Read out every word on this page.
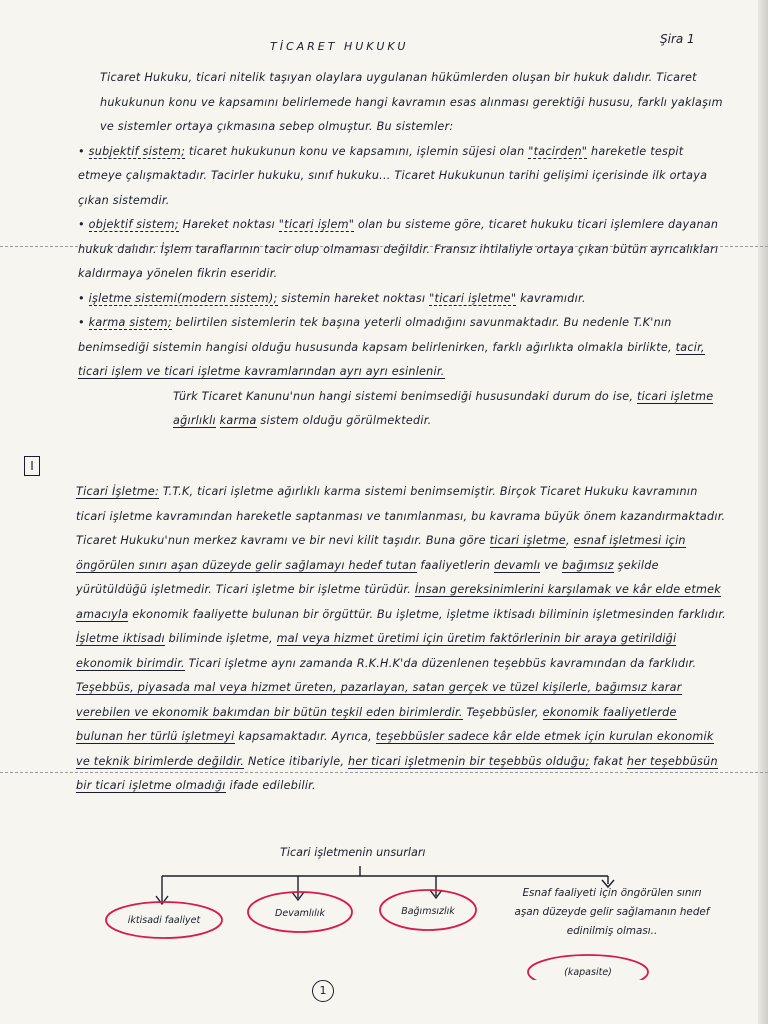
TİCARET HUKUKU
Şira 1

Ticaret Hukuku, ticari nitelik taşıyan olaylara uygulanan hükümlerden oluşan bir hukuk dalıdır. Ticaret hukukunun konu ve kapsamını belirlemede hangi kavramın esas alınması gerektiği hususu, farklı yaklaşım ve sistemler ortaya çıkmasına sebep olmuştur. Bu sistemler:

• subjektif sistem; ticaret hukukunun konu ve kapsamını, işlemin süjesi olan "tacirden" hareketle tespit etmeye çalışmaktadır. Tacirler hukuku, sınıf hukuku... Ticaret Hukukunun tarihi gelişimi içerisinde ilk ortaya çıkan sistemdir.

• objektif sistem; Hareket noktası "ticari işlem" olan bu sisteme göre, ticaret hukuku ticari işlemlere dayanan hukuk dalıdır. İşlem taraflarının tacir olup olmaması değildir. Fransız ihtilaliyle ortaya çıkan bütün ayrıcalıkları kaldırmaya yönelen fikrin eseridir.

• işletme sistemi(modern sistem); sistemin hareket noktası "ticari işletme" kavramıdır.

• karma sistem; belirtilen sistemlerin tek başına yeterli olmadığını savunmaktadır. Bu nedenle T.K'nın benimsediği sistemin hangisi olduğu hususunda kapsam belirlenirken, farklı ağırlıkta olmakla birlikte, tacir, ticari işlem ve ticari işletme kavramlarından ayrı ayrı esinlenir.

Türk Ticaret Kanunu'nun hangi sistemi benimsediği hususundaki durum do ise, ticari işletme ağırlıklı karma sistem olduğu görülmektedir.

I

Ticari İşletme: T.T.K, ticari işletme ağırlıklı karma sistemi benimsemiştir. Birçok Ticaret Hukuku kavramının ticari işletme kavramından hareketle saptanması ve tanımlanması, bu kavrama büyük önem kazandırmaktadır. Ticaret Hukuku'nun merkez kavramı ve bir nevi kilit taşıdır. Buna göre ticari işletme, esnaf işletmesi için öngörülen sınırı aşan düzeyde gelir sağlamayı hedef tutan faaliyetlerin devamlı ve bağımsız şekilde yürütüldüğü işletmedir. Ticari işletme bir işletme türüdür. İnsan gereksinimlerini karşılamak ve kâr elde etmek amacıyla ekonomik faaliyette bulunan bir örgüttür. Bu işletme, işletme iktisadı biliminin işletmesinden farklıdır. İşletme iktisadı biliminde işletme, mal veya hizmet üretimi için üretim faktörlerinin bir araya getirildiği ekonomik birimdir. Ticari işletme aynı zamanda R.K.H.K'da düzenlenen teşebbüs kavramından da farklıdır. Teşebbüs, piyasada mal veya hizmet üreten, pazarlayan, satan gerçek ve tüzel kişilerle, bağımsız karar verebilen ve ekonomik bakımdan bir bütün teşkil eden birimlerdir. Teşebbüsler, ekonomik faaliyetlerde bulunan her türlü işletmeyi kapsamaktadır. Ayrıca, teşebbüsler sadece kâr elde etmek için kurulan ekonomik ve teknik birimlerde değildir. Netice itibariyle, her ticari işletmenin bir teşebbüs olduğu; fakat her teşebbüsün bir ticari işletme olmadığı ifade edilebilir.

Ticari işletmenin unsurları
iktisadi faaliyet
Devamlılık	Bağımsızlık
(kapasite)
Esnaf faaliyeti için öngörülen sınırı aşan düzeyde gelir sağlamanın hedef edinilmiş olması..
1
